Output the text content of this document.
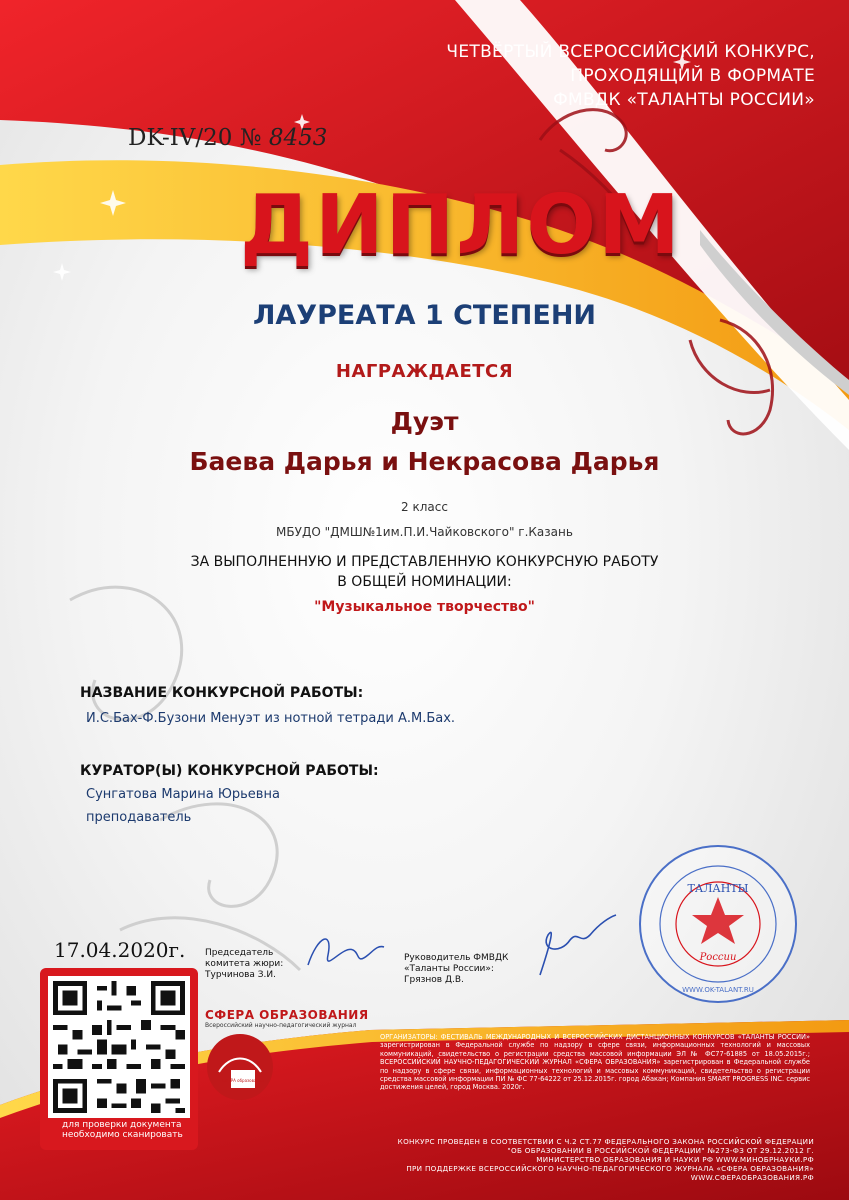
ЧЕТВЁРТЫЙ ВСЕРОССИЙСКИЙ КОНКУРС,
ПРОХОДЯЩИЙ В ФОРМАТЕ
ФМВДК «ТАЛАНТЫ РОССИИ»
DK-IV/20 № 8453
ДИПЛОМ
ЛАУРЕАТА 1 СТЕПЕНИ
НАГРАЖДАЕТСЯ
Дуэт
Баева Дарья и Некрасова Дарья
2 класс
МБУДО "ДМШ№1им.П.И.Чайковского" г.Казань
ЗА ВЫПОЛНЕННУЮ И ПРЕДСТАВЛЕННУЮ КОНКУРСНУЮ РАБОТУ
В ОБЩЕЙ НОМИНАЦИИ:
"Музыкальное творчество"
НАЗВАНИЕ КОНКУРСНОЙ РАБОТЫ:
И.С.Бах-Ф.Бузони Менуэт из нотной тетради А.М.Бах.
КУРАТОР(Ы) КОНКУРСНОЙ РАБОТЫ:
Сунгатова Марина Юрьевна
преподаватель
17.04.2020г. Председатель
комитета жюри:
Турчинова З.И.
Руководитель ФМВДК
«Таланты России»:
Грязнов Д.В.
ТАЛАНТЫ
России
WWW.OK-TALANT.RU
для проверки документа необходимо сканировать
СФЕРА ОБРАЗОВАНИЯ
Всероссийский научно-педагогический журнал
СФЕРА образования
ОРГАНИЗАТОРЫ: ФЕСТИВАЛЬ МЕЖДУНАРОДНЫХ И ВСЕРОССИЙСКИХ ДИСТАНЦИОННЫХ КОНКУРСОВ «ТАЛАНТЫ РОССИИ» зарегистрирован в Федеральной службе по надзору в сфере связи, информационных технологий и массовых коммуникаций, свидетельство о регистрации средства массовой информации ЭЛ № ФС77-61885 от 18.05.2015г.; ВСЕРОССИЙСКИЙ НАУЧНО-ПЕДАГОГИЧЕСКИЙ ЖУРНАЛ «СФЕРА ОБРАЗОВАНИЯ» зарегистрирован в Федеральной службе по надзору в сфере связи, информационных технологий и массовых коммуникаций, свидетельство о регистрации средства массовой информации ПИ № ФС 77-64222 от 25.12.2015г. город Абакан; Компания SMART PROGRESS INC. сервис достижения целей, город Москва. 2020г.
КОНКУРС ПРОВЕДЕН В СООТВЕТСТВИИ С Ч.2 СТ.77 ФЕДЕРАЛЬНОГО ЗАКОНА РОССИЙСКОЙ ФЕДЕРАЦИИ
"ОБ ОБРАЗОВАНИИ В РОССИЙСКОЙ ФЕДЕРАЦИИ" №273-ФЗ ОТ 29.12.2012 Г.
МИНИСТЕРСТВО ОБРАЗОВАНИЯ И НАУКИ РФ WWW.МИНОБРНАУКИ.РФ
ПРИ ПОДДЕРЖКЕ ВСЕРОССИЙСКОГО НАУЧНО-ПЕДАГОГИЧЕСКОГО ЖУРНАЛА «СФЕРА ОБРАЗОВАНИЯ» WWW.СФЕРАОБРАЗОВАНИЯ.РФ
